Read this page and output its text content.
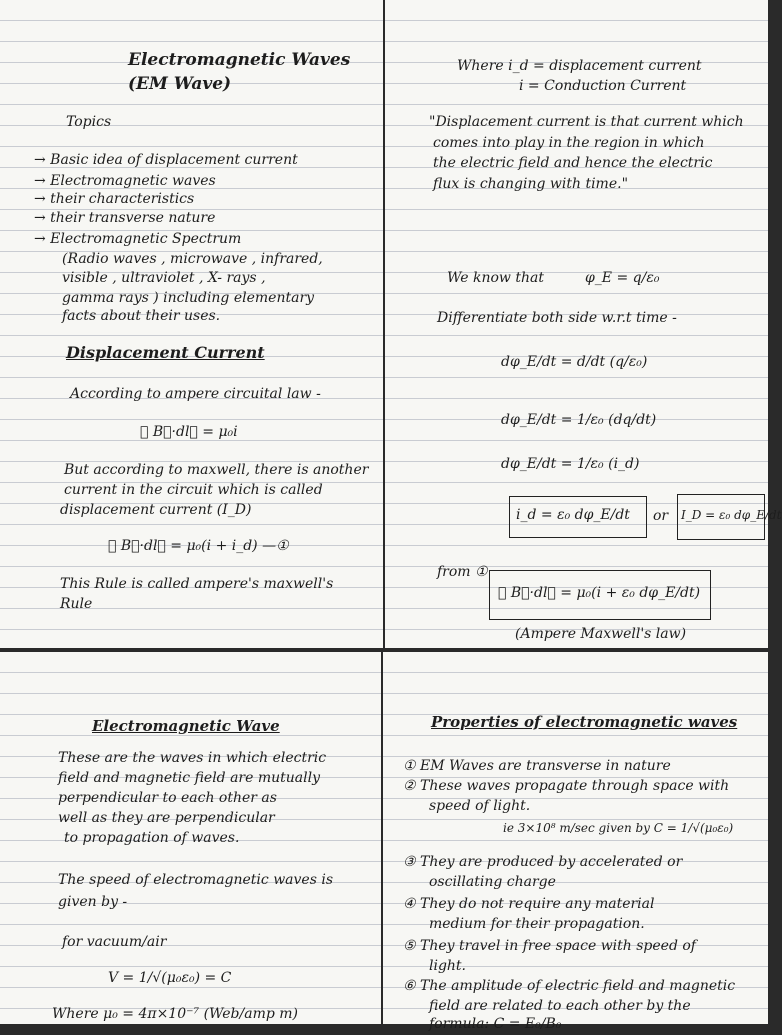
Electromagnetic Waves
(EM Wave)
Topics
→ Basic idea of displacement current
→ Electromagnetic waves
→ their characteristics
→ their transverse nature
→ Electromagnetic Spectrum
(Radio waves , microwave , infrared,
visible , ultraviolet , X- rays ,
gamma rays ) including elementary
facts about their uses.
Displacement Current
According to ampere circuital law -
∮ B⃗·dl⃗ = μ₀i
But according to maxwell, there is another
current in the circuit which is called
displacement current (I_D)
∮ B⃗·dl⃗ = μ₀(i + i_d) —①
This Rule is called ampere's maxwell's
Rule
Where i_d = displacement current
i = Conduction Current
"Displacement current is that current which
comes into play in the region in which
the electric field and hence the electric
flux is changing with time."
We know that	φ_E = q/ε₀
Differentiate both side w.r.t time -
dφ_E/dt = d/dt (q/ε₀)
dφ_E/dt = 1/ε₀ (dq/dt)
dφ_E/dt = 1/ε₀ (i_d)
i_d = ε₀ dφ_E/dt or I_D = ε₀ dφ_E/dt
from ①
∮ B⃗·dl⃗ = μ₀(i + ε₀ dφ_E/dt)
(Ampere Maxwell's law)
Electromagnetic Wave
These are the waves in which electric
field and magnetic field are mutually
perpendicular to each other as
well as they are perpendicular
to propagation of waves.
The speed of electromagnetic waves is
given by -
for vacuum/air
V = 1/√(μ₀ε₀) = C
Where μ₀ = 4π×10⁻⁷ (Web/amp m)
Properties of electromagnetic waves
① EM Waves are transverse in nature
② These waves propagate through space with
speed of light.
ie 3×10⁸ m/sec given by C = 1/√(μ₀ε₀)
③ They are produced by accelerated or
oscillating charge
④ They do not require any material
medium for their propagation.
⑤ They travel in free space with speed of
light.
⑥ The amplitude of electric field and magnetic
field are related to each other by the
formula: C = E₀/B₀
